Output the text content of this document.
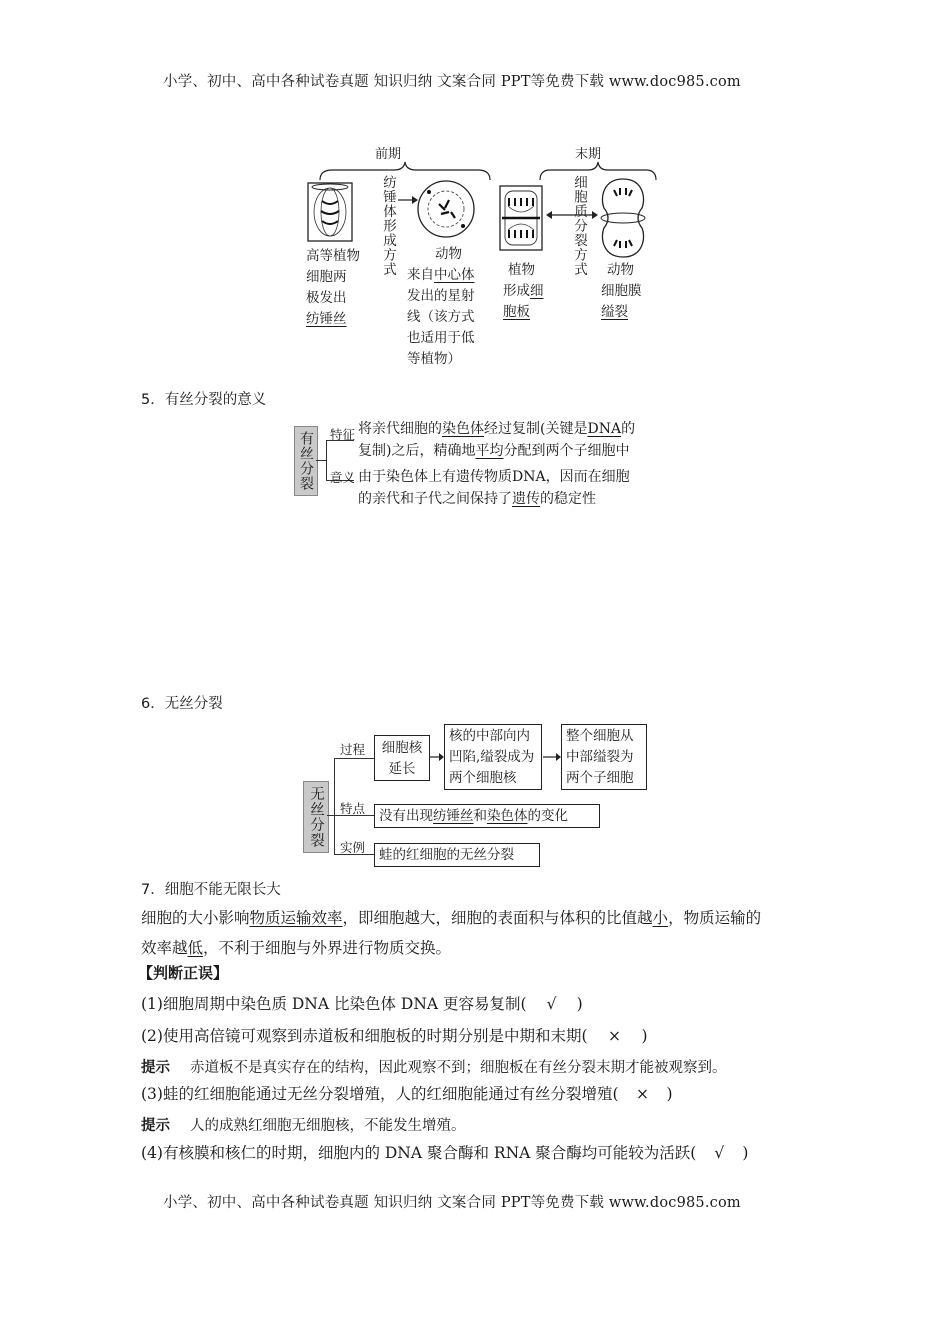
小学、初中、高中各种试卷真题 知识归纳 文案合同 PPT等免费下载 www.doc985.com
前期	末期
高等植物
细胞两
极发出
纺锤丝
纺锤体形成方式	动物
来自中心体
发出的星射
线（该方式
也适用于低
等植物）
植物
形成细
胞板
细胞质分裂方式	动物
细胞膜
缢裂
5．有丝分裂的意义
有丝分裂	特征
意义
将亲代细胞的染色体经过复制(关键是DNA的
复制)之后，精确地平均分配到两个子细胞中
由于染色体上有遗传物质DNA，因而在细胞
的亲代和子代之间保持了遗传的稳定性
6．无丝分裂
无丝分裂
过程
特点
实例
细胞核延长
核的中部向内
凹陷,缢裂成为
两个细胞核
整个细胞从
中部缢裂为
两个子细胞
没有出现纺锤丝和染色体的变化
蛙的红细胞的无丝分裂
7．细胞不能无限长大
细胞的大小影响物质运输效率，即细胞越大，细胞的表面积与体积的比值越小，物质运输的
效率越低，不利于细胞与外界进行物质交换。
【判断正误】
(1)细胞周期中染色质 DNA 比染色体 DNA 更容易复制( √ )
(2)使用高倍镜可观察到赤道板和细胞板的时期分别是中期和末期( × )
提示 赤道板不是真实存在的结构，因此观察不到；细胞板在有丝分裂末期才能被观察到。
(3)蛙的红细胞能通过无丝分裂增殖，人的红细胞能通过有丝分裂增殖( × )
提示 人的成熟红细胞无细胞核，不能发生增殖。
(4)有核膜和核仁的时期，细胞内的 DNA 聚合酶和 RNA 聚合酶均可能较为活跃( √ )
小学、初中、高中各种试卷真题 知识归纳 文案合同 PPT等免费下载 www.doc985.com
